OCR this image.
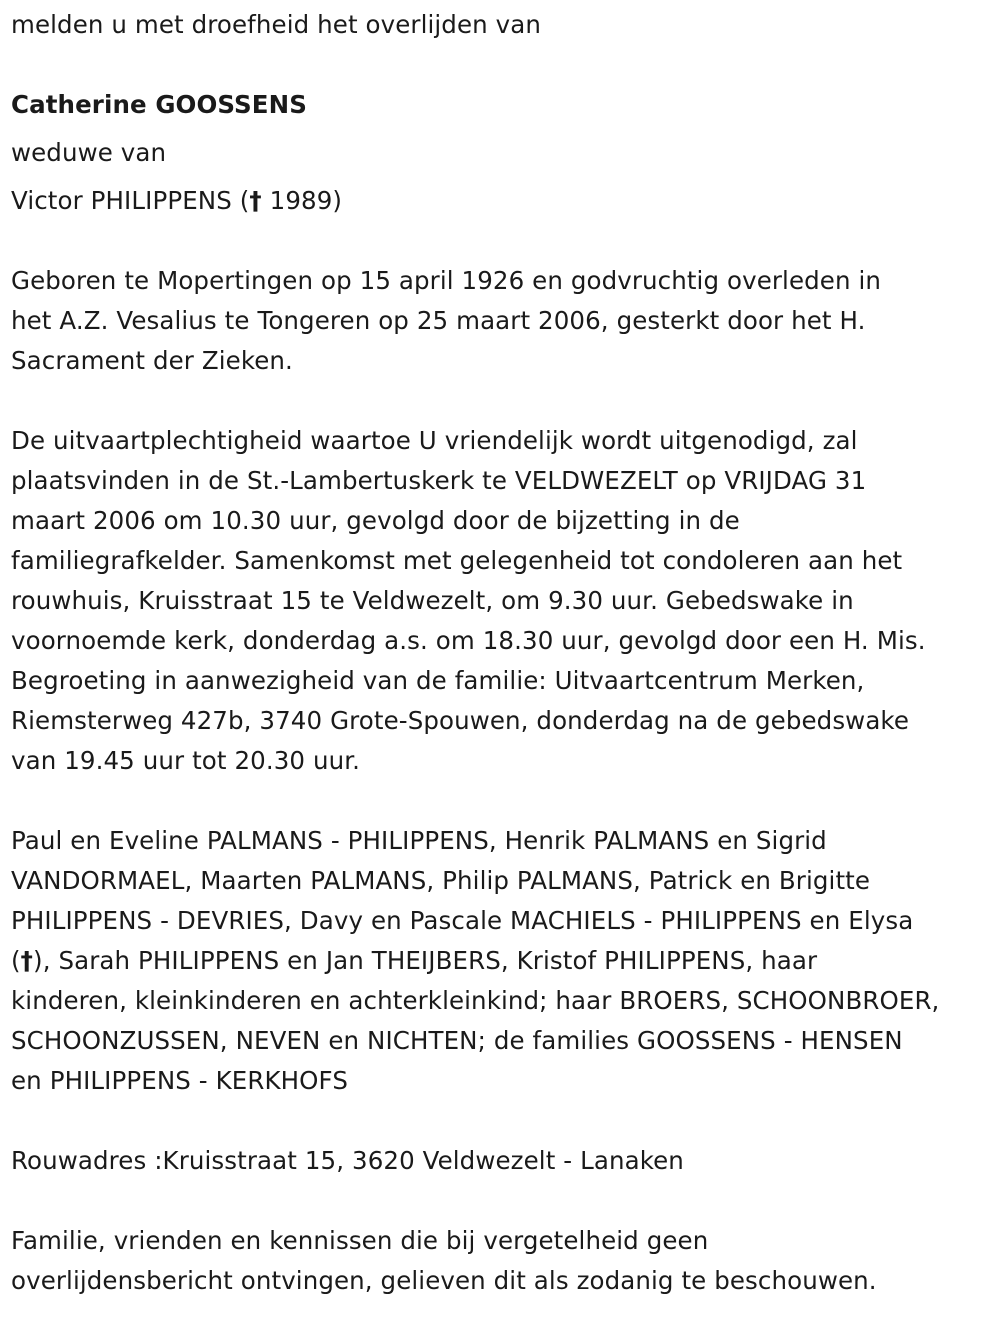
melden u met droefheid het overlijden van
Catherine GOOSSENS
weduwe van
Victor PHILIPPENS († 1989)
Geboren te Mopertingen op 15 april 1926 en godvruchtig overleden in
het A.Z. Vesalius te Tongeren op 25 maart 2006, gesterkt door het H.
Sacrament der Zieken.
De uitvaartplechtigheid waartoe U vriendelijk wordt uitgenodigd, zal
plaatsvinden in de St.-Lambertuskerk te VELDWEZELT op VRIJDAG 31
maart 2006 om 10.30 uur, gevolgd door de bijzetting in de
familiegrafkelder. Samenkomst met gelegenheid tot condoleren aan het
rouwhuis, Kruisstraat 15 te Veldwezelt, om 9.30 uur. Gebedswake in
voornoemde kerk, donderdag a.s. om 18.30 uur, gevolgd door een H. Mis.
Begroeting in aanwezigheid van de familie: Uitvaartcentrum Merken,
Riemsterweg 427b, 3740 Grote-Spouwen, donderdag na de gebedswake
van 19.45 uur tot 20.30 uur.
Paul en Eveline PALMANS - PHILIPPENS, Henrik PALMANS en Sigrid
VANDORMAEL, Maarten PALMANS, Philip PALMANS, Patrick en Brigitte
PHILIPPENS - DEVRIES, Davy en Pascale MACHIELS - PHILIPPENS en Elysa
(†), Sarah PHILIPPENS en Jan THEIJBERS, Kristof PHILIPPENS, haar
kinderen, kleinkinderen en achterkleinkind; haar BROERS, SCHOONBROER,
SCHOONZUSSEN, NEVEN en NICHTEN; de families GOOSSENS - HENSEN
en PHILIPPENS - KERKHOFS
Rouwadres :Kruisstraat 15, 3620 Veldwezelt - Lanaken
Familie, vrienden en kennissen die bij vergetelheid geen
overlijdensbericht ontvingen, gelieven dit als zodanig te beschouwen.
